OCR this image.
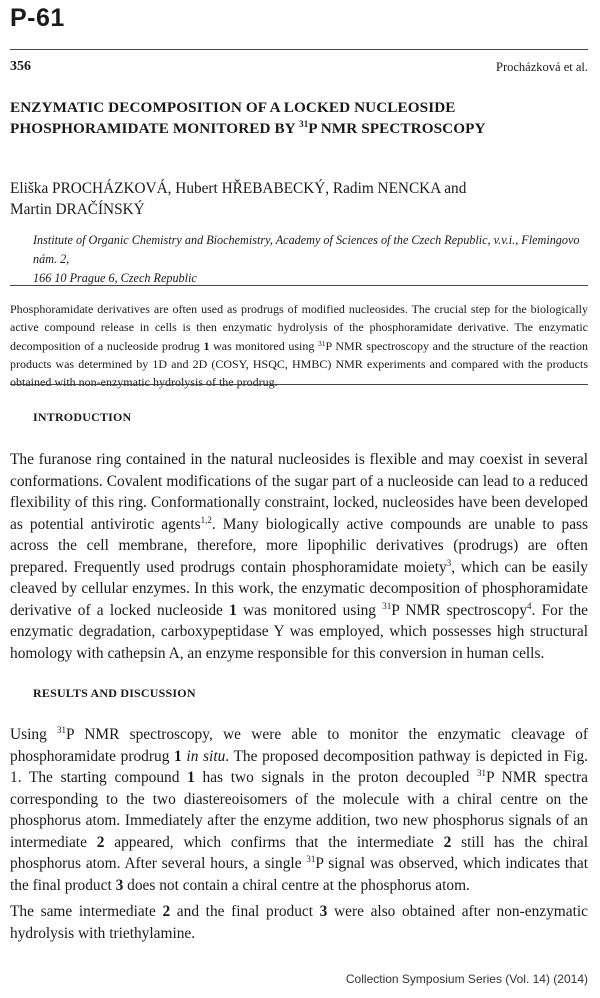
P-61
356	Procházková et al.
ENZYMATIC DECOMPOSITION OF A LOCKED NUCLEOSIDE
PHOSPHORAMIDATE MONITORED BY $^{31}$P NMR SPECTROSCOPY
Eliška PROCHÁZKOVÁ, Hubert HŘEBABECKÝ, Radim NENCKA and
Martin DRAČÍNSKÝ
Institute of Organic Chemistry and Biochemistry, Academy of Sciences of the Czech Republic, v.v.i., Flemingovo nám. 2,
166 10 Prague 6, Czech Republic

Phosphoramidate derivatives are often used as prodrugs of modified nucleosides. The crucial step for the biologically active compound release in cells is then enzymatic hydrolysis of the phosphoramidate derivative. The enzymatic decomposition of a nucleoside prodrug 1 was monitored using $^{31}$P NMR spectroscopy and the structure of the reaction products was determined by 1D and 2D (COSY, HSQC, HMBC) NMR experiments and compared with the products obtained with non-enzymatic hydrolysis of the prodrug.

INTRODUCTION

The furanose ring contained in the natural nucleosides is flexible and may coexist in several conformations. Covalent modifications of the sugar part of a nucleoside can lead to a reduced flexibility of this ring. Conformationally constraint, locked, nucleosides have been developed as potential antivirotic agents$^{1,2}$. Many biologically active compounds are unable to pass across the cell membrane, therefore, more lipophilic derivatives (prodrugs) are often prepared. Frequently used prodrugs contain phosphoramidate moiety$^3$, which can be easily cleaved by cellular enzymes. In this work, the enzymatic decomposition of phosphoramidate derivative of a locked nucleoside 1 was monitored using $^{31}$P NMR spectroscopy$^4$. For the enzymatic degradation, carboxypeptidase Y was employed, which possesses high structural homology with cathepsin A, an enzyme responsible for this conversion in human cells.

RESULTS AND DISCUSSION

Using $^{31}$P NMR spectroscopy, we were able to monitor the enzymatic cleavage of phosphoramidate prodrug 1 in situ. The proposed decomposition pathway is depicted in Fig. 1. The starting compound 1 has two signals in the proton decoupled $^{31}$P NMR spectra corresponding to the two diastereoisomers of the molecule with a chiral centre on the phosphorus atom. Immediately after the enzyme addition, two new phosphorus signals of an intermediate 2 appeared, which confirms that the intermediate 2 still has the chiral phosphorus atom. After several hours, a single $^{31}$P signal was observed, which indicates that the final product 3 does not contain a chiral centre at the phosphorus atom.

The same intermediate 2 and the final product 3 were also obtained after non-enzymatic hydrolysis with triethylamine.

Collection Symposium Series (Vol. 14) (2014)
